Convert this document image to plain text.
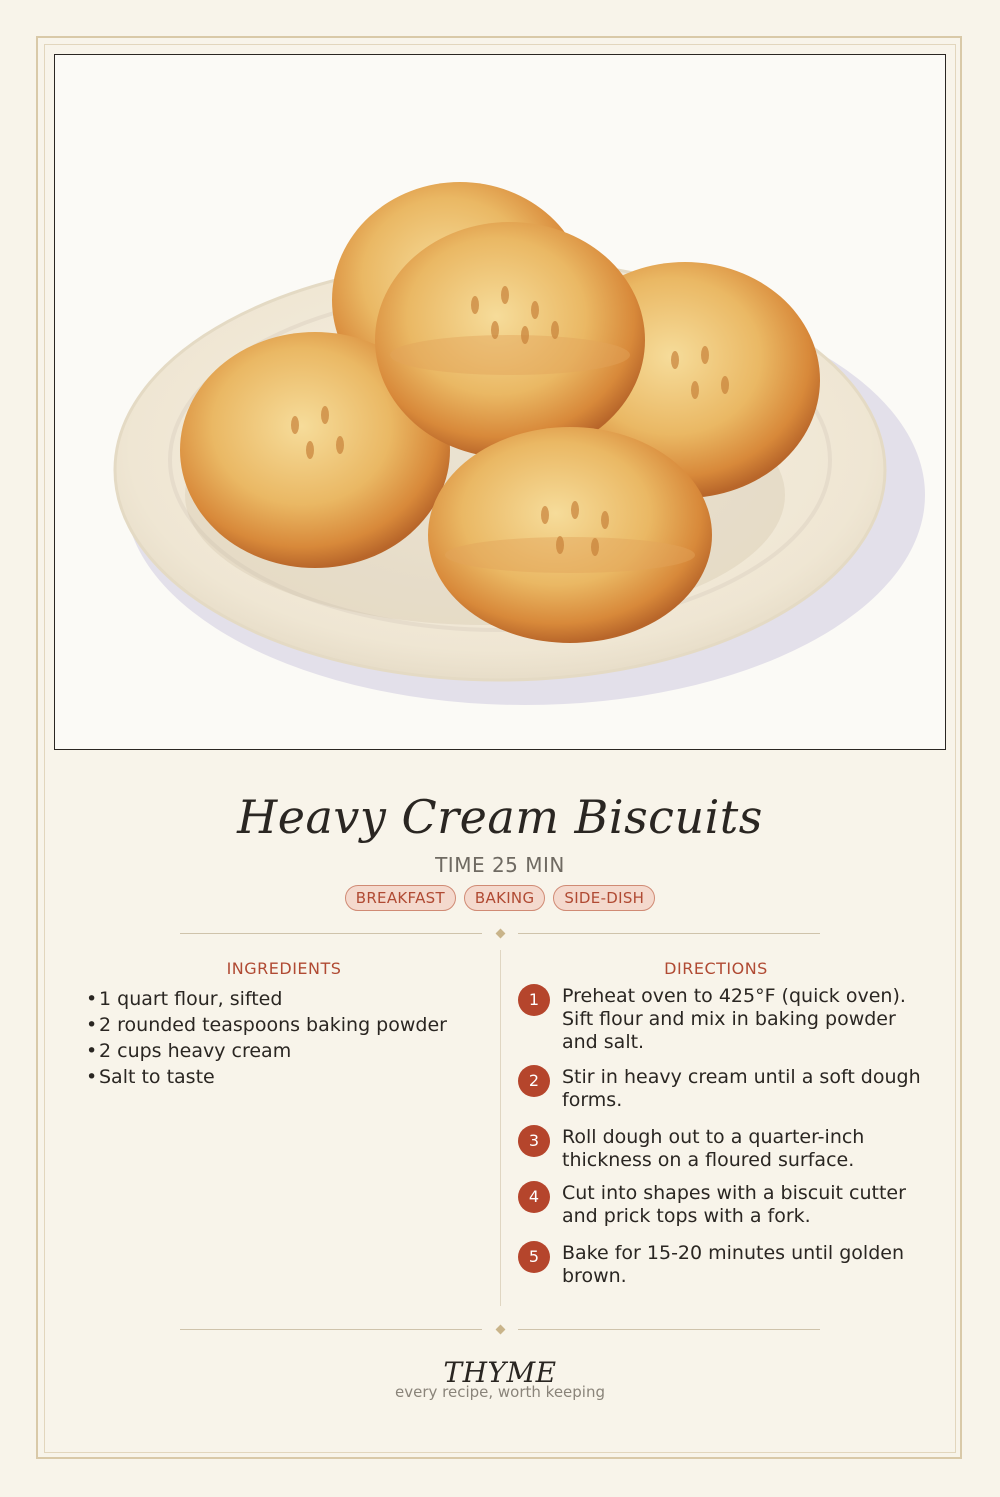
Heavy Cream Biscuits
TIME 25 MIN
BREAKFAST BAKING SIDE-DISH
INGREDIENTS
•1 quart flour, sifted
•2 rounded teaspoons baking powder
•2 cups heavy cream
•Salt to taste
DIRECTIONS
1	Preheat oven to 425°F (quick oven). Sift flour and mix in baking powder and salt.
2	Stir in heavy cream until a soft dough forms.
3	Roll dough out to a quarter-inch thickness on a floured surface.
4	Cut into shapes with a biscuit cutter and prick tops with a fork.
5	Bake for 15-20 minutes until golden brown.
THYME
every recipe, worth keeping
